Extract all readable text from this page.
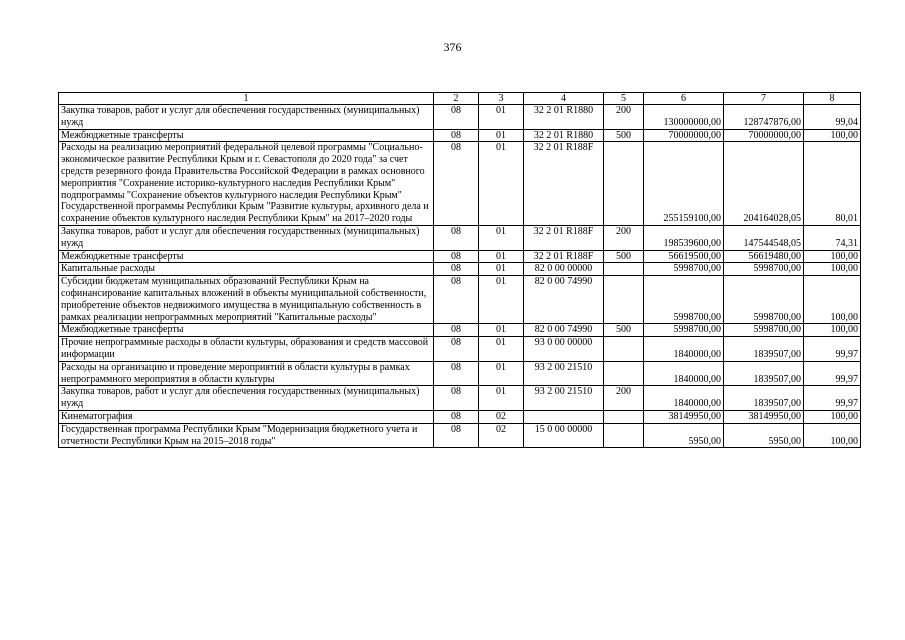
376
1	2	3	4	5	6	7	8
Закупка товаров, работ и услуг для обеспечения государственных (муниципальных) нужд	08	01	32 2 01 R1880	200	130000000,00	128747876,00	99,04
Межбюджетные трансферты	08	01	32 2 01 R1880	500	70000000,00	70000000,00	100,00
Расходы на реализацию мероприятий федеральной целевой программы "Социально-экономическое развитие Республики Крым и г. Севастополя до 2020 года" за счет средств резервного фонда Правительства Российской Федерации в рамках основного мероприятия "Сохранение историко-культурного наследия Республики Крым" подпрограммы "Сохранение объектов культурного наследия Республики Крым" Государственной программы Республики Крым "Развитие культуры, архивного дела и сохранение объектов культурного наследия Республики Крым" на 2017–2020 годы	08	01	32 2 01 R188F		255159100,00	204164028,05	80,01
Закупка товаров, работ и услуг для обеспечения государственных (муниципальных) нужд	08	01	32 2 01 R188F	200	198539600,00	147544548,05	74,31
Межбюджетные трансферты	08	01	32 2 01 R188F	500	56619500,00	56619480,00	100,00
Капитальные расходы	08	01	82 0 00 00000		5998700,00	5998700,00	100,00
Субсидии бюджетам муниципальных образований Республики Крым на софинансирование капитальных вложений в объекты муниципальной собственности, приобретение объектов недвижимого имущества в муниципальную собственность в рамках реализации непрограммных мероприятий "Капитальные расходы"	08	01	82 0 00 74990		5998700,00	5998700,00	100,00
Межбюджетные трансферты	08	01	82 0 00 74990	500	5998700,00	5998700,00	100,00
Прочие непрограммные расходы в области культуры, образования и средств массовой информации	08	01	93 0 00 00000		1840000,00	1839507,00	99,97
Расходы на организацию и проведение мероприятий в области культуры в рамках непрограммного мероприятия в области культуры	08	01	93 2 00 21510		1840000,00	1839507,00	99,97
Закупка товаров, работ и услуг для обеспечения государственных (муниципальных) нужд	08	01	93 2 00 21510	200	1840000,00	1839507,00	99,97
Кинематография	08	02			38149950,00	38149950,00	100,00
Государственная программа Республики Крым "Модернизация бюджетного учета и отчетности Республики Крым на 2015–2018 годы"	08	02	15 0 00 00000		5950,00	5950,00	100,00
